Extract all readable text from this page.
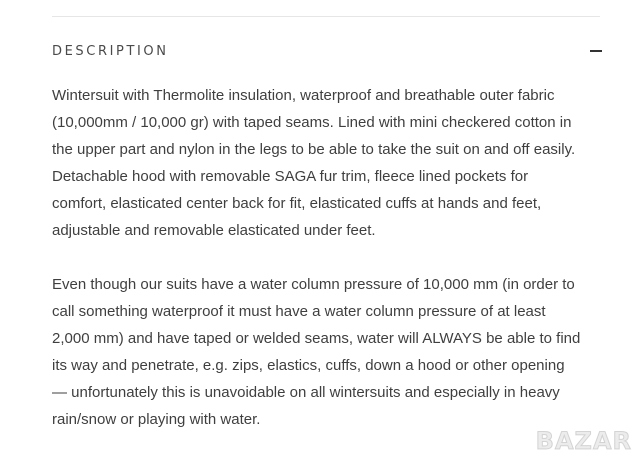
DESCRIPTION

Wintersuit with Thermolite insulation, waterproof and breathable outer fabric (10,000mm / 10,000 gr) with taped seams. Lined with mini checkered cotton in the upper part and nylon in the legs to be able to take the suit on and off easily. Detachable hood with removable SAGA fur trim, fleece lined pockets for comfort, elasticated center back for fit, elasticated cuffs at hands and feet, adjustable and removable elasticated under feet.

Even though our suits have a water column pressure of 10,000 mm (in order to call something waterproof it must have a water column pressure of at least 2,000 mm) and have taped or welded seams, water will ALWAYS be able to find its way and penetrate, e.g. zips, elastics, cuffs, down a hood or other opening — unfortunately this is unavoidable on all wintersuits and especially in heavy rain/snow or playing with water.

BAZAR
